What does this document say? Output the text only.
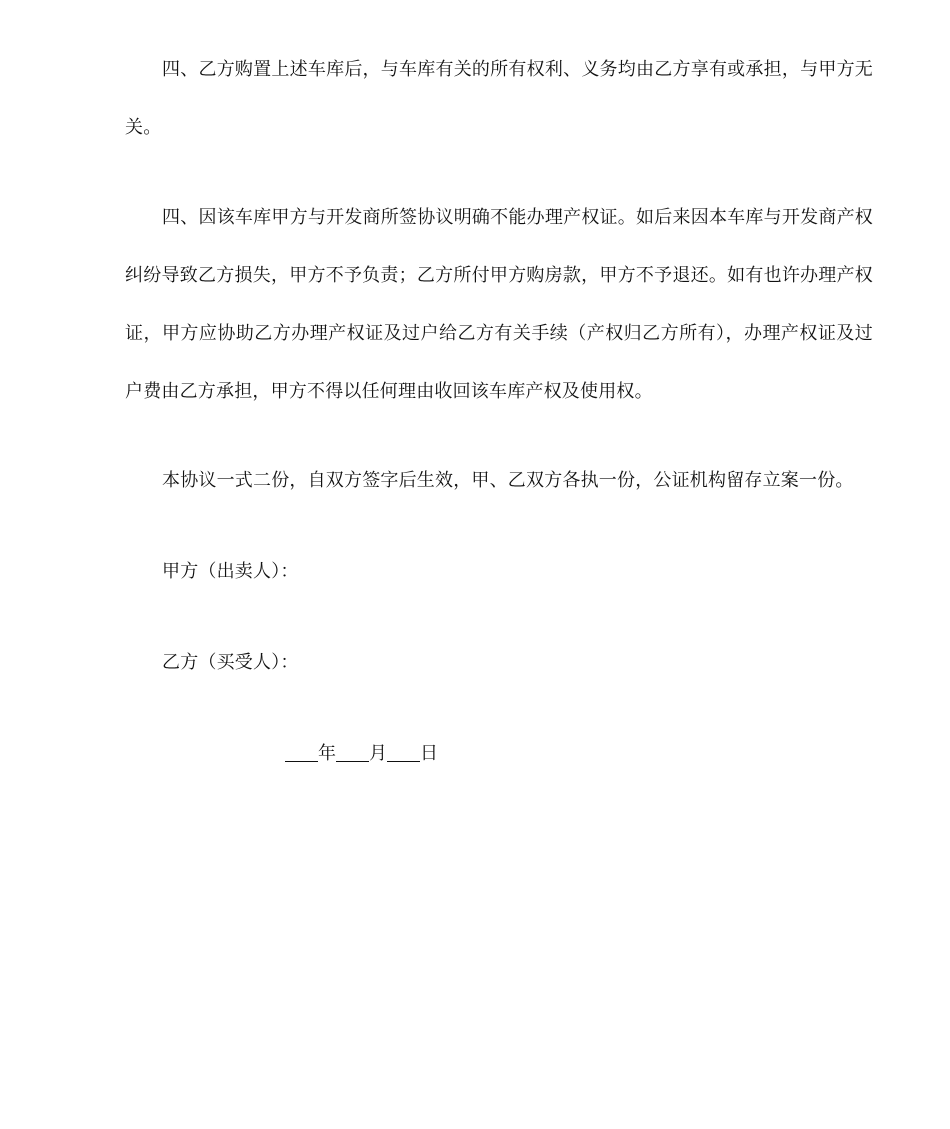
四、乙方购置上述车库后，与车库有关的所有权利、义务均由乙方享有或承担，与甲方无关。

四、因该车库甲方与开发商所签协议明确不能办理产权证。如后来因本车库与开发商产权纠纷导致乙方损失，甲方不予负责；乙方所付甲方购房款，甲方不予退还。如有也许办理产权证，甲方应协助乙方办理产权证及过户给乙方有关手续（产权归乙方所有），办理产权证及过户费由乙方承担，甲方不得以任何理由收回该车库产权及使用权。

本协议一式二份，自双方签字后生效，甲、乙双方各执一份，公证机构留存立案一份。

甲方（出卖人）：

乙方（买受人）：

年 月 日
